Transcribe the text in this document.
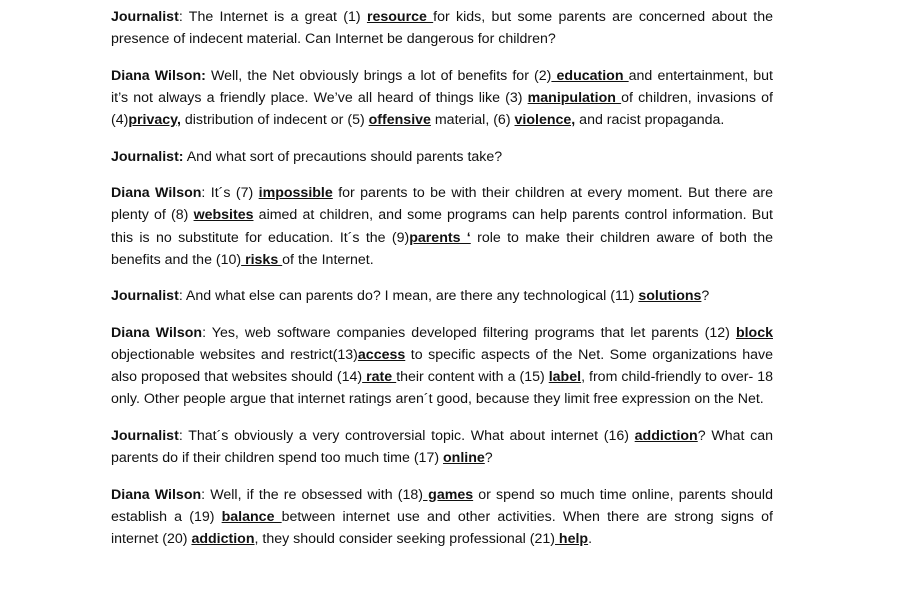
Journalist: The Internet is a great (1) resource for kids, but some parents are concerned about the presence of indecent material. Can Internet be dangerous for children?

Diana Wilson: Well, the Net obviously brings a lot of benefits for (2) education and entertainment, but it’s not always a friendly place. We’ve all heard of things like (3) manipulation of children, invasions of (4)privacy, distribution of indecent or (5) offensive material, (6) violence, and racist propaganda.

Journalist: And what sort of precautions should parents take?

Diana Wilson: It´s (7) impossible for parents to be with their children at every moment. But there are plenty of (8) websites aimed at children, and some programs can help parents control information. But this is no substitute for education. It´s the (9)parents ‘ role to make their children aware of both the benefits and the (10) risks of the Internet.

Journalist: And what else can parents do? I mean, are there any technological (11) solutions?

Diana Wilson: Yes, web software companies developed filtering programs that let parents (12) block objectionable websites and restrict(13)access to specific aspects of the Net. Some organizations have also proposed that websites should (14) rate their content with a (15) label, from child-friendly to over- 18 only. Other people argue that internet ratings aren´t good, because they limit free expression on the Net.

Journalist: That´s obviously a very controversial topic. What about internet (16) addiction? What can parents do if their children spend too much time (17) online?

Diana Wilson: Well, if the re obsessed with (18) games or spend so much time online, parents should establish a (19) balance between internet use and other activities. When there are strong signs of internet (20) addiction, they should consider seeking professional (21) help.
